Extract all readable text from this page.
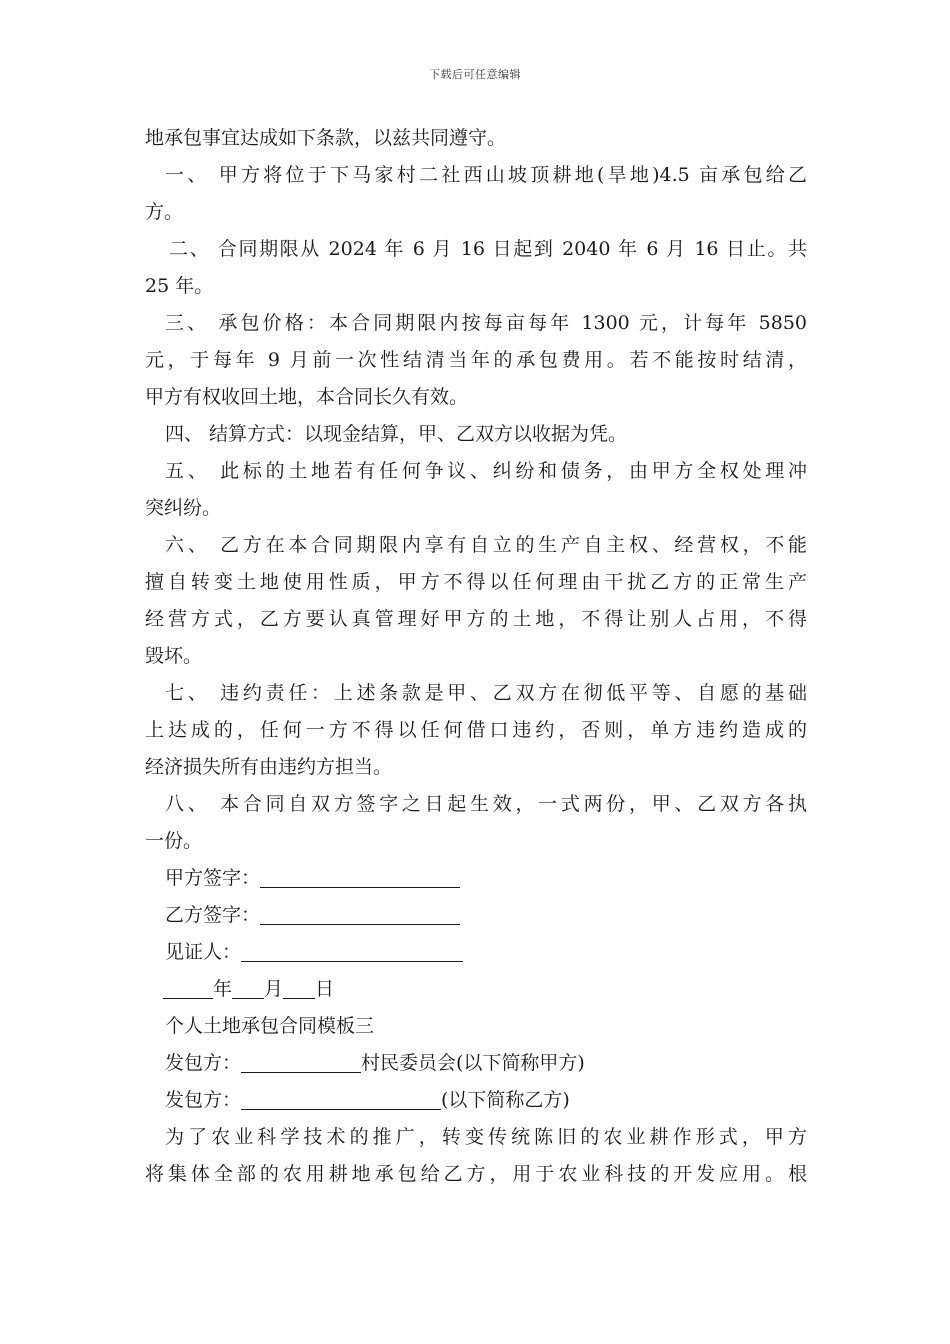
下载后可任意编辑
地承包事宜达成如下条款，以兹共同遵守。
一、 甲方将位于下马家村二社西山坡顶耕地(旱地)4.5 亩承包给乙
方。
二、 合同期限从 2024 年 6 月 16 日起到 2040 年 6 月 16 日止。共
25 年。
三、 承包价格：本合同期限内按每亩每年 1300 元，计每年 5850
元，于每年 9 月前一次性结清当年的承包费用。若不能按时结清，
甲方有权收回土地，本合同长久有效。
四、 结算方式：以现金结算，甲、乙双方以收据为凭。
五、 此标的土地若有任何争议、纠纷和债务，由甲方全权处理冲
突纠纷。
六、 乙方在本合同期限内享有自立的生产自主权、经营权，不能
擅自转变土地使用性质，甲方不得以任何理由干扰乙方的正常生产
经营方式，乙方要认真管理好甲方的土地，不得让别人占用，不得
毁坏。
七、 违约责任：上述条款是甲、乙双方在彻低平等、自愿的基础
上达成的，任何一方不得以任何借口违约，否则，单方违约造成的
经济损失所有由违约方担当。
八、 本合同自双方签字之日起生效，一式两份，甲、乙双方各执
一份。
甲方签字：
乙方签字：
见证人：
年 月 日
个人土地承包合同模板三
发包方：	村民委员会(以下简称甲方)
发包方：	(以下简称乙方)
为了农业科学技术的推广，转变传统陈旧的农业耕作形式，甲方
将集体全部的农用耕地承包给乙方，用于农业科技的开发应用。根
